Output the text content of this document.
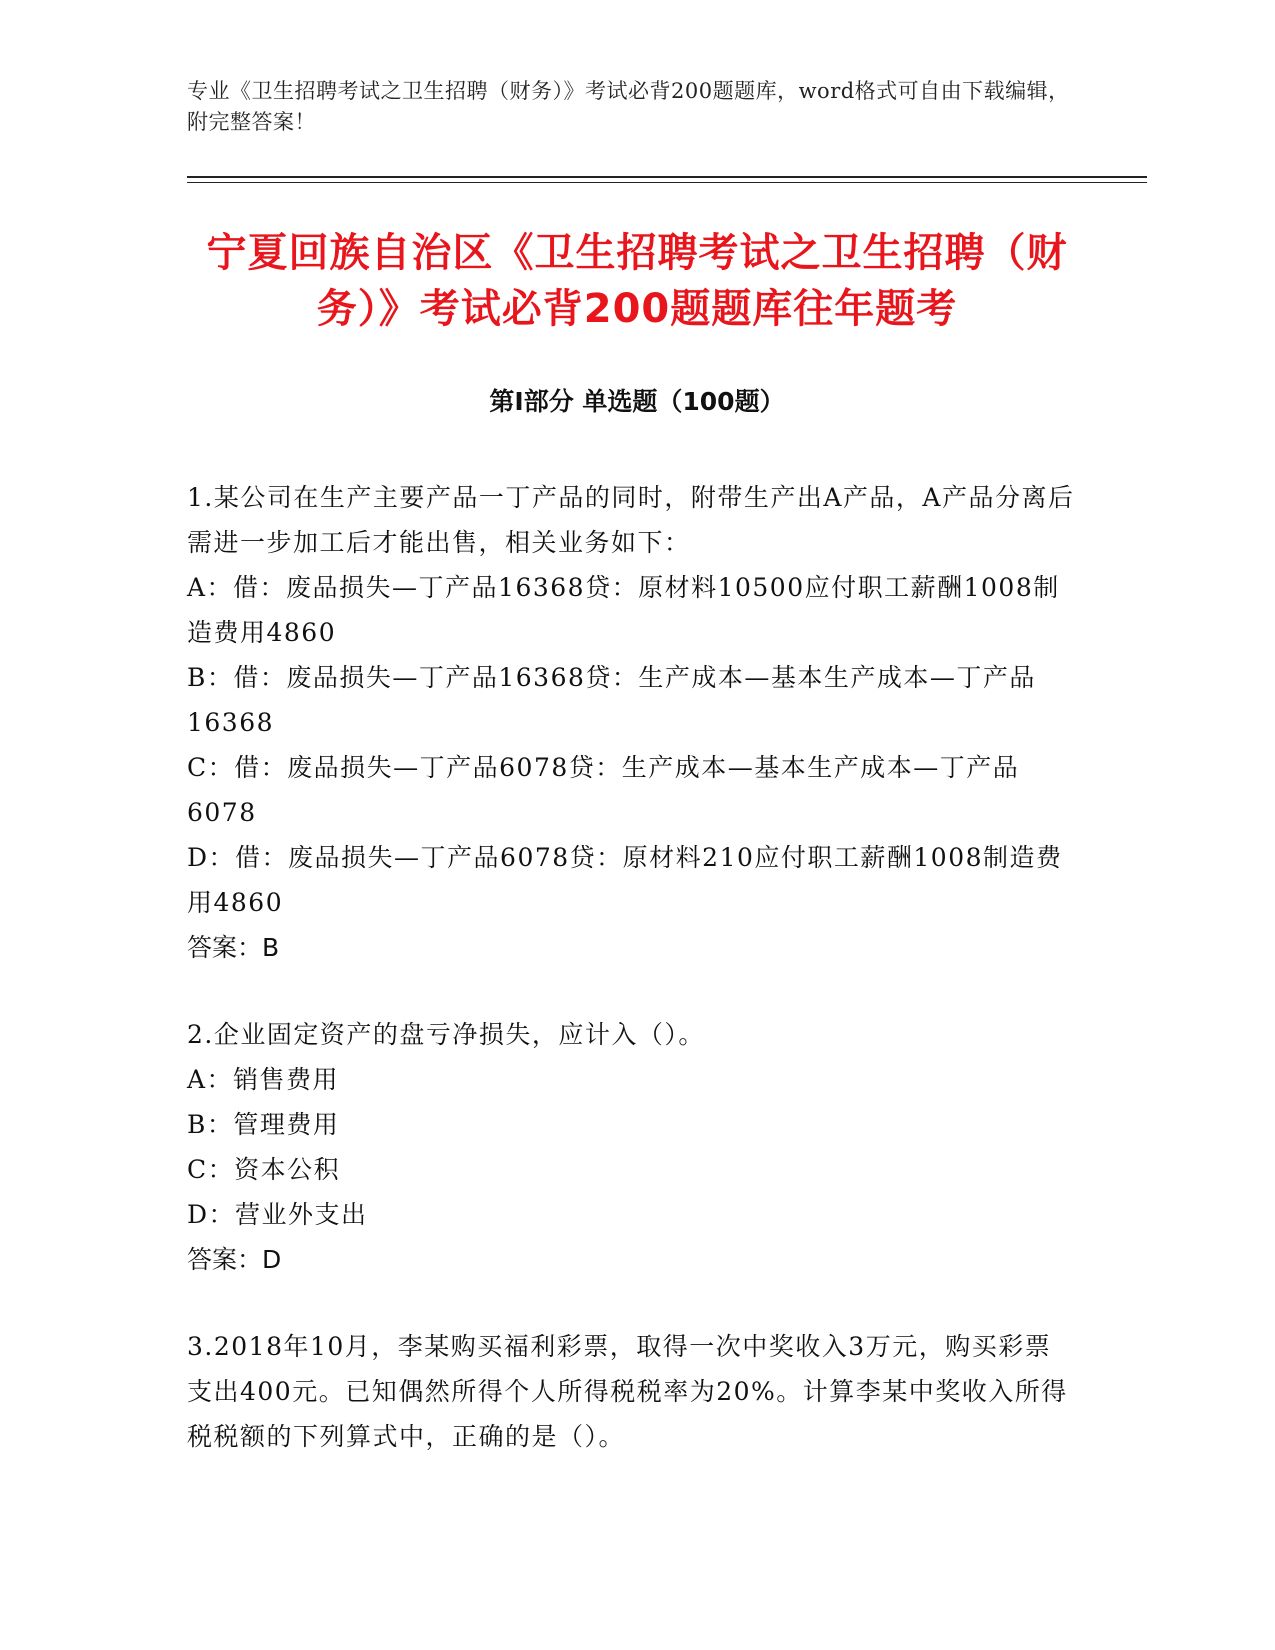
专业《卫生招聘考试之卫生招聘（财务）》考试必背200题题库，word格式可自由下载编辑，附完整答案！
宁夏回族自治区《卫生招聘考试之卫生招聘（财务）》考试必背200题题库往年题考
第Ⅰ部分 单选题（100题）

1.某公司在生产主要产品一丁产品的同时，附带生产出A产品，A产品分离后需进一步加工后才能出售，相关业务如下：

A：借：废品损失—丁产品16368贷：原材料10500应付职工薪酬1008制造费用4860

B：借：废品损失—丁产品16368贷：生产成本—基本生产成本—丁产品16368

C：借：废品损失—丁产品6078贷：生产成本—基本生产成本—丁产品6078

D：借：废品损失—丁产品6078贷：原材料210应付职工薪酬1008制造费用4860

答案：B

2.企业固定资产的盘亏净损失，应计入（）。

A：销售费用

B：管理费用

C：资本公积

D：营业外支出

答案：D

3.2018年10月，李某购买福利彩票，取得一次中奖收入3万元，购买彩票支出400元。已知偶然所得个人所得税税率为20%。计算李某中奖收入所得税税额的下列算式中，正确的是（）。
